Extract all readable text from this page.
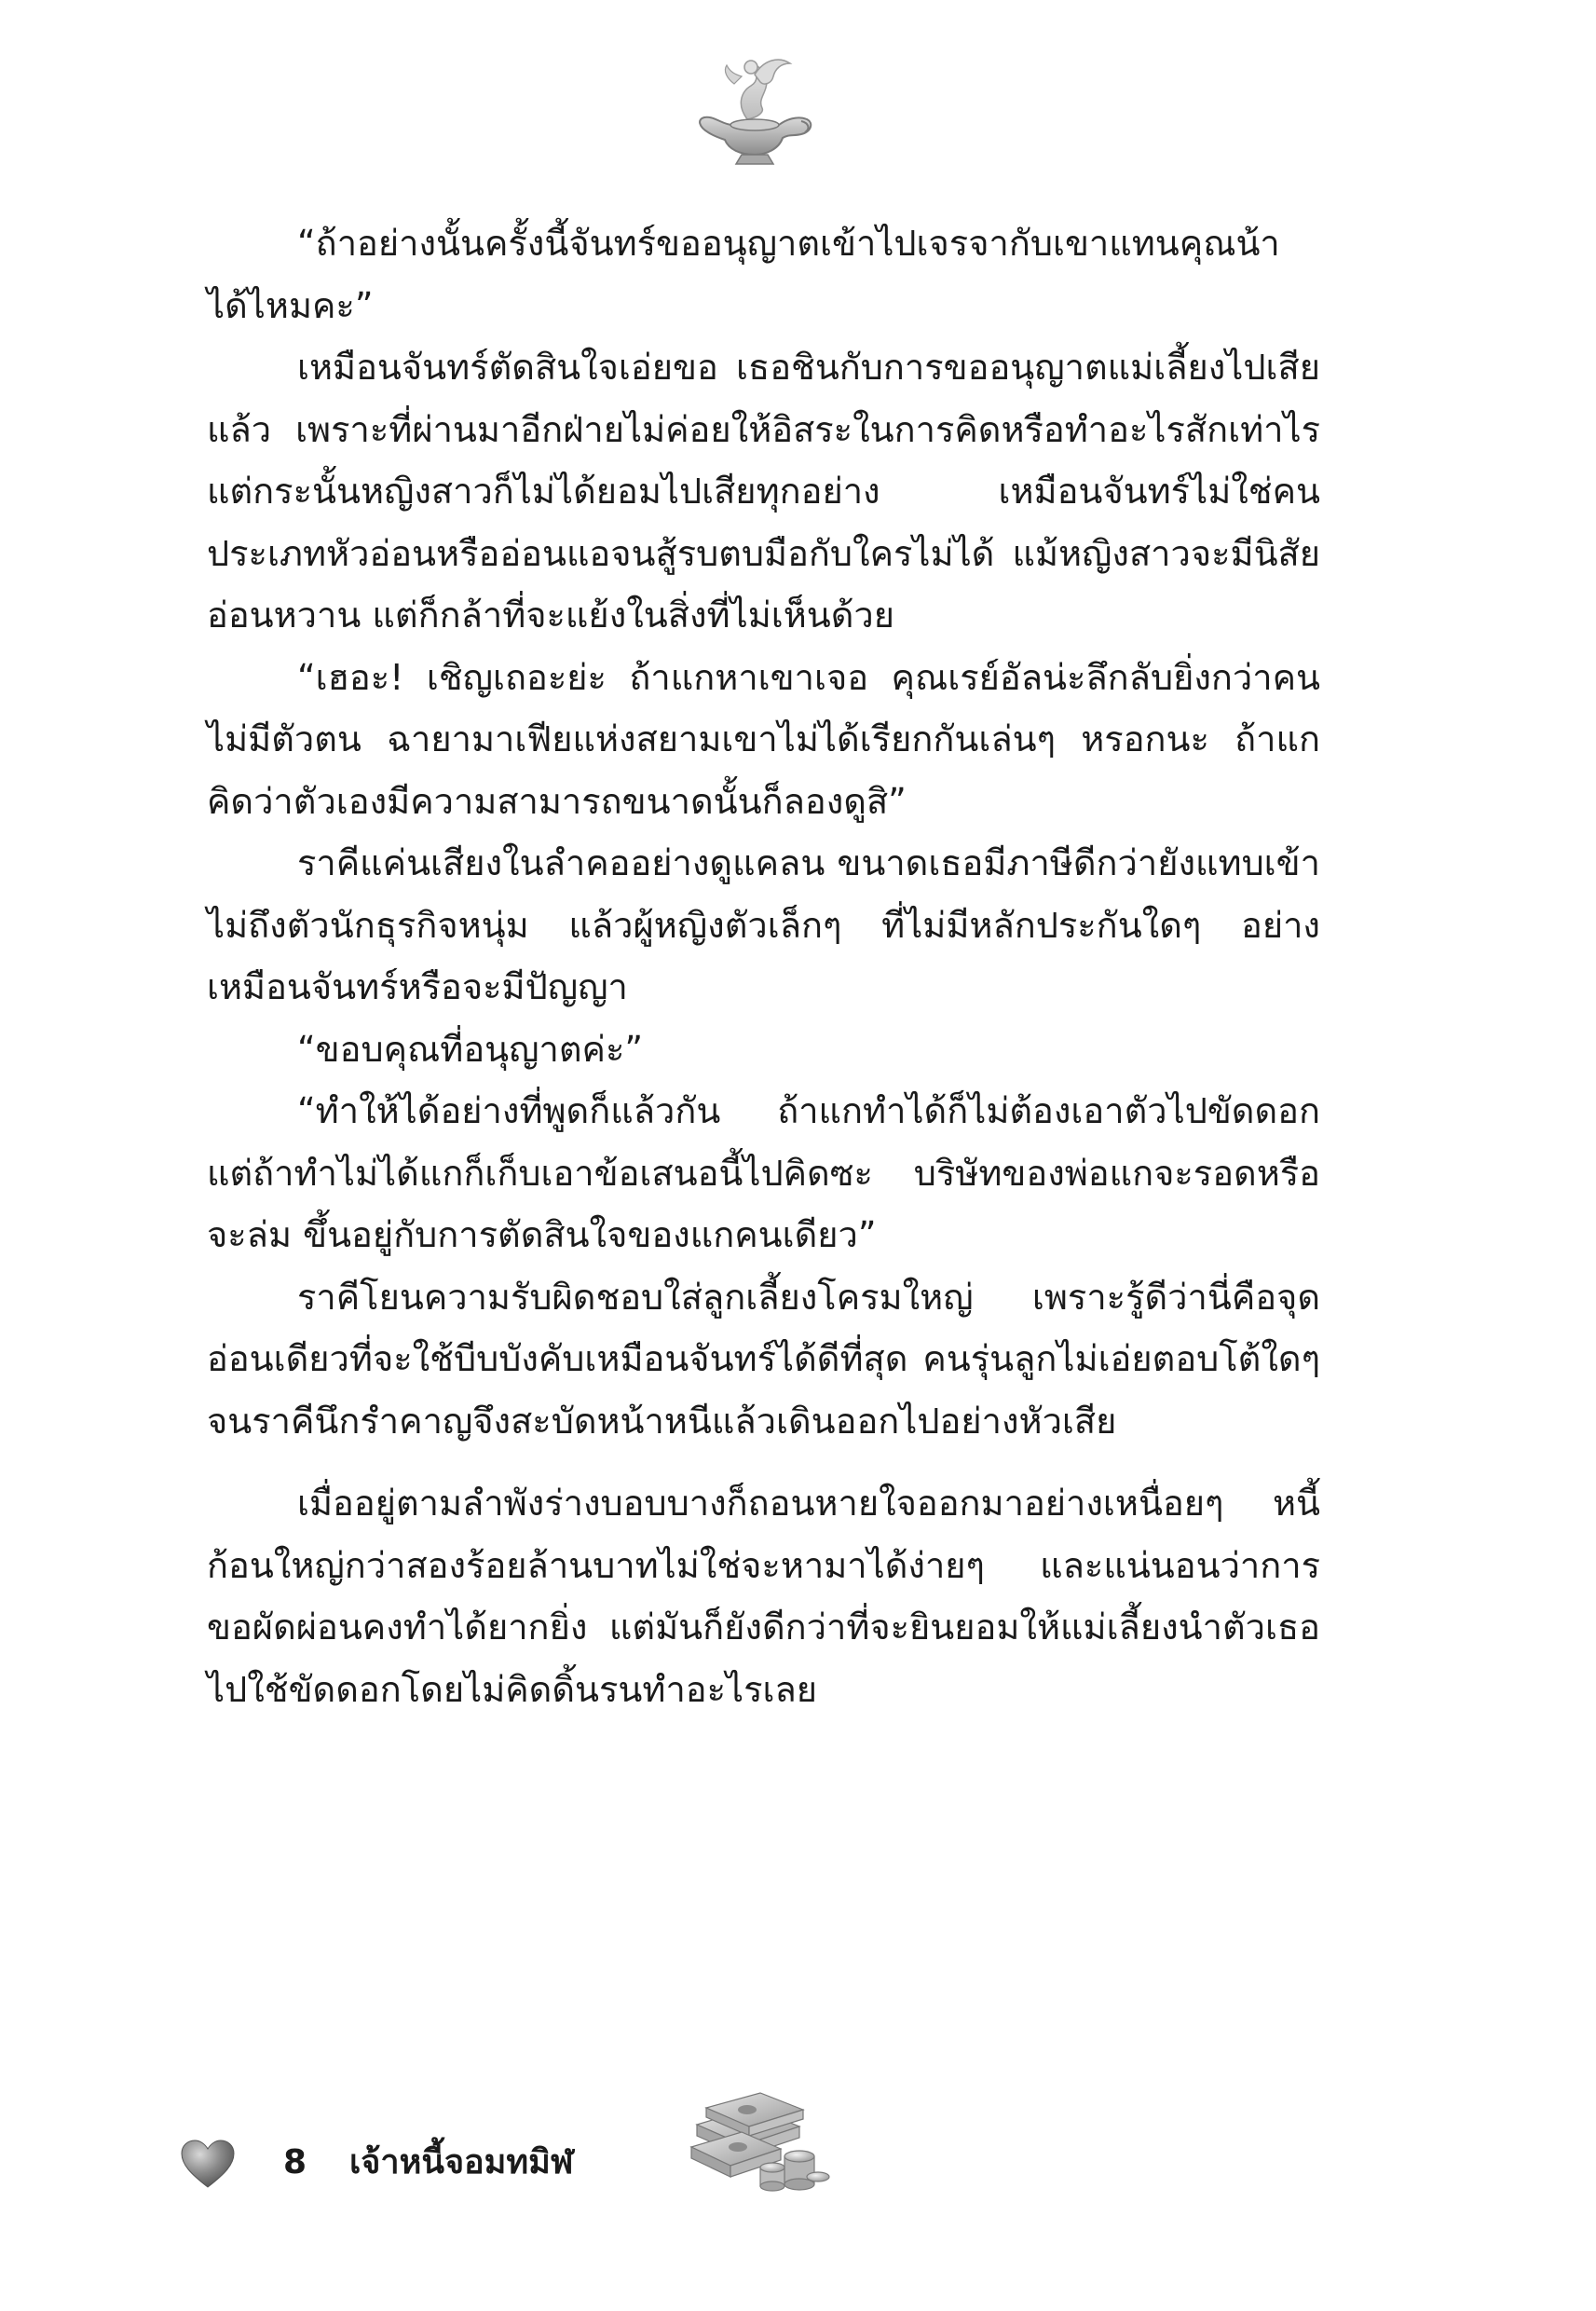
“ถ้าอย่างนั้นครั้งนี้จันทร์ขออนุญาตเข้าไปเจรจากับเขาแทนคุณน้าได้ไหมคะ”

เหมือนจันทร์ตัดสินใจเอ่ยขอ เธอชินกับการขออนุญาตแม่เลี้ยงไปเสียแล้ว เพราะที่ผ่านมาอีกฝ่ายไม่ค่อยให้อิสระในการคิดหรือทำอะไรสักเท่าไร แต่กระนั้นหญิงสาวก็ไม่ได้ยอมไปเสียทุกอย่าง เหมือนจันทร์ไม่ใช่คนประเภทหัวอ่อนหรืออ่อนแอจนสู้รบตบมือกับใครไม่ได้ แม้หญิงสาวจะมีนิสัยอ่อนหวาน แต่ก็กล้าที่จะแย้งในสิ่งที่ไม่เห็นด้วย

“เฮอะ! เชิญเถอะย่ะ ถ้าแกหาเขาเจอ คุณเรย์อัลน่ะลึกลับยิ่งกว่าคนไม่มีตัวตน ฉายามาเฟียแห่งสยามเขาไม่ได้เรียกกันเล่นๆ หรอกนะ ถ้าแกคิดว่าตัวเองมีความสามารถขนาดนั้นก็ลองดูสิ”

ราคีแค่นเสียงในลำคออย่างดูแคลน ขนาดเธอมีภาษีดีกว่ายังแทบเข้าไม่ถึงตัวนักธุรกิจหนุ่ม แล้วผู้หญิงตัวเล็กๆ ที่ไม่มีหลักประกันใดๆ อย่างเหมือนจันทร์หรือจะมีปัญญา

“ขอบคุณที่อนุญาตค่ะ”

“ทำให้ได้อย่างที่พูดก็แล้วกัน ถ้าแกทำได้ก็ไม่ต้องเอาตัวไปขัดดอก แต่ถ้าทำไม่ได้แกก็เก็บเอาข้อเสนอนี้ไปคิดซะ บริษัทของพ่อแกจะรอดหรือจะล่ม ขึ้นอยู่กับการตัดสินใจของแกคนเดียว”

ราคีโยนความรับผิดชอบใส่ลูกเลี้ยงโครมใหญ่ เพราะรู้ดีว่านี่คือจุดอ่อนเดียวที่จะใช้บีบบังคับเหมือนจันทร์ได้ดีที่สุด คนรุ่นลูกไม่เอ่ยตอบโต้ใดๆ จนราคีนึกรำคาญจึงสะบัดหน้าหนีแล้วเดินออกไปอย่างหัวเสีย

เมื่ออยู่ตามลำพังร่างบอบบางก็ถอนหายใจออกมาอย่างเหนื่อยๆ หนี้ก้อนใหญ่กว่าสองร้อยล้านบาทไม่ใช่จะหามาได้ง่ายๆ และแน่นอนว่าการขอผัดผ่อนคงทำได้ยากยิ่ง แต่มันก็ยังดีกว่าที่จะยินยอมให้แม่เลี้ยงนำตัวเธอไปใช้ขัดดอกโดยไม่คิดดิ้นรนทำอะไรเลย

8 เจ้าหนี้จอมทมิฬ
